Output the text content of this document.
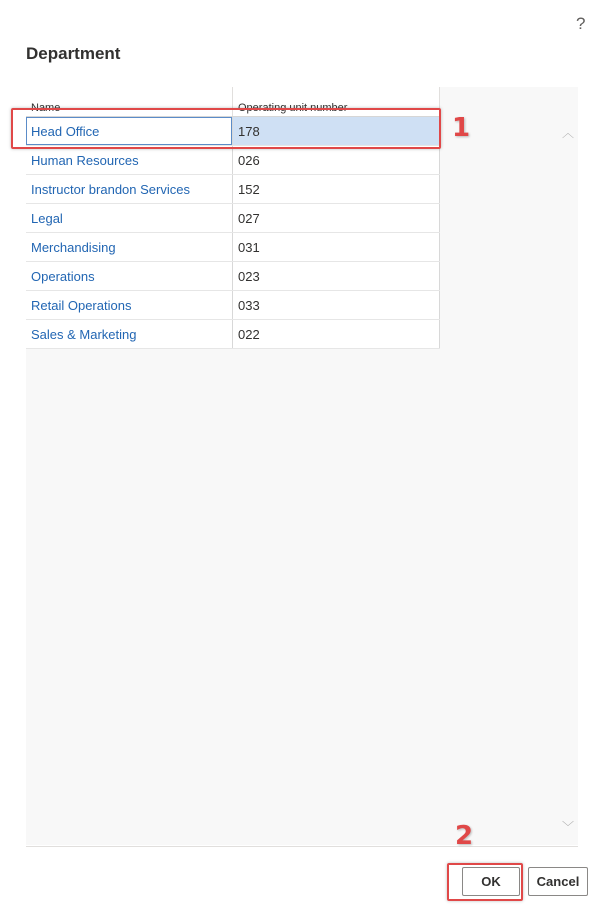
?
Department
︿
﹀
Name	Operating unit number
Head Office	178
Human Resources	026
Instructor brandon Services	152
Legal	027
Merchandising	031
Operations	023
Retail Operations	033
Sales & Marketing	022
1
2
OK	Cancel
